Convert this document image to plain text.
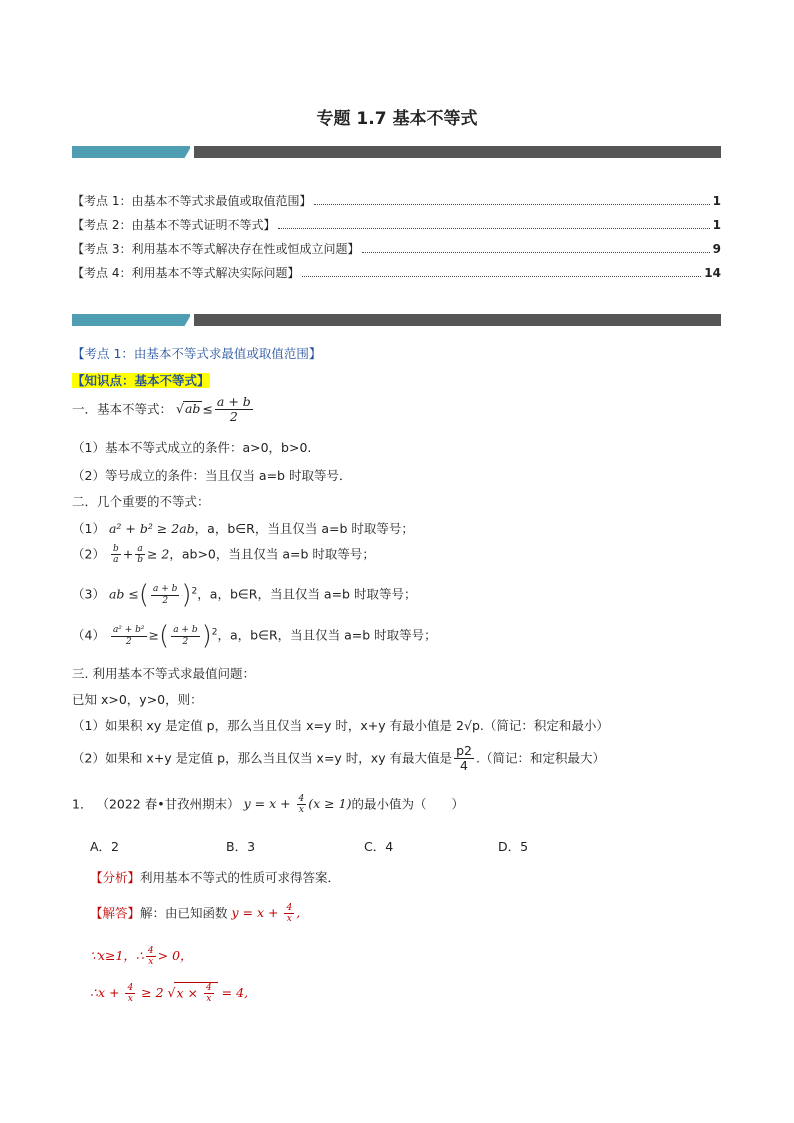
专题 1.7 基本不等式
【考点 1：由基本不等式求最值或取值范围】	1
【考点 2：由基本不等式证明不等式】	1
【考点 3：利用基本不等式解决存在性或恒成立问题】	9
【考点 4：利用基本不等式解决实际问题】	14
【考点 1：由基本不等式求最值或取值范围】
【知识点：基本不等式】
一．基本不等式： $√ab \le \frac{a + b}{2}$
（1）基本不等式成立的条件：a>0，b>0.
（2）等号成立的条件：当且仅当 a=b 时取等号．
二．几个重要的不等式：
（1） a² + b² ≥ 2ab，a，b∈R，当且仅当 a=b 时取等号；
$(2) \frac{b}{a} + \frac{a}{b} \ge 2$，ab>0，当且仅当 a=b 时取等号；
（3） ab ≤( $\frac{a + b}{2} )^2$，a，b∈R，当且仅当 a=b 时取等号；
$(4) \frac{\text{a² + b²}}{2}$ ≥( $\frac{a + b}{2} )^2$，a，b∈R，当且仅当 a=b 时取等号；
三. 利用基本不等式求最值问题：
已知 x>0，y>0，则：
（1）如果积 xy 是定值 p，那么当且仅当 x=y 时，x+y 有最小值是 2√p.（简记：积定和最小）
（2）如果和 x+y 是定值 p，那么当且仅当 x=y 时，xy 有最大值是 $\frac{p2}{4}$ .（简记：和定积最大）
1． （2022 春•甘孜州期末） $y = x + \frac{4}{x} (x \ge 1)$的最小值为（　　）
A．2	B．3	C．4	D．5
【分析】利用基本不等式的性质可求得答案．
【解答】解：由已知函数 $y = x + \frac{4}{x}$ ,
∵x≥1，∴ $\frac{4}{x} > 0$，
∴x + $\frac{4}{x} \ge 2$ $√x \times \frac{4}{x} = 4$,
